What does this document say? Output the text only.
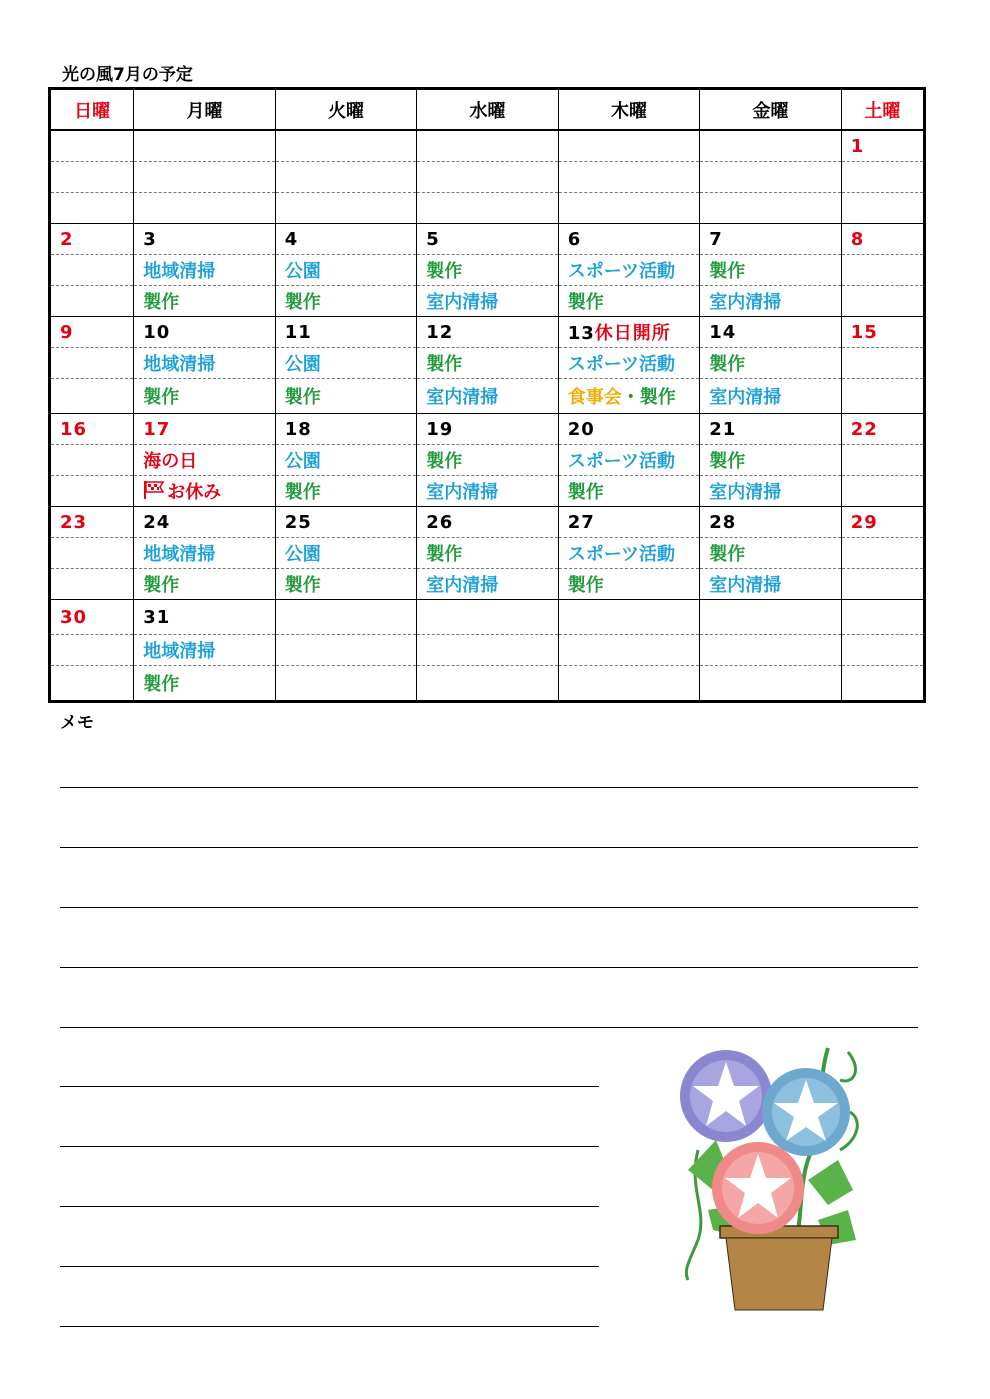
光の風7月の予定
日曜	月曜	火曜	水曜	木曜	金曜	土曜
						1

2	3	4	5	6	7	8
	地域清掃	公園	製作	スポーツ活動	製作	
	製作	製作	室内清掃	製作	室内清掃	
9	10	11	12	13休日開所	14	15
	地域清掃	公園	製作	スポーツ活動	製作	
	製作	製作	室内清掃	食事会・製作	室内清掃	
16	17	18	19	20	21	22
	海の日	公園	製作	スポーツ活動	製作	
	お休み	製作	室内清掃	製作	室内清掃	
23	24	25	26	27	28	29
	地域清掃	公園	製作	スポーツ活動	製作	
	製作	製作	室内清掃	製作	室内清掃	
30	31					
	地域清掃					
	製作					
メモ
